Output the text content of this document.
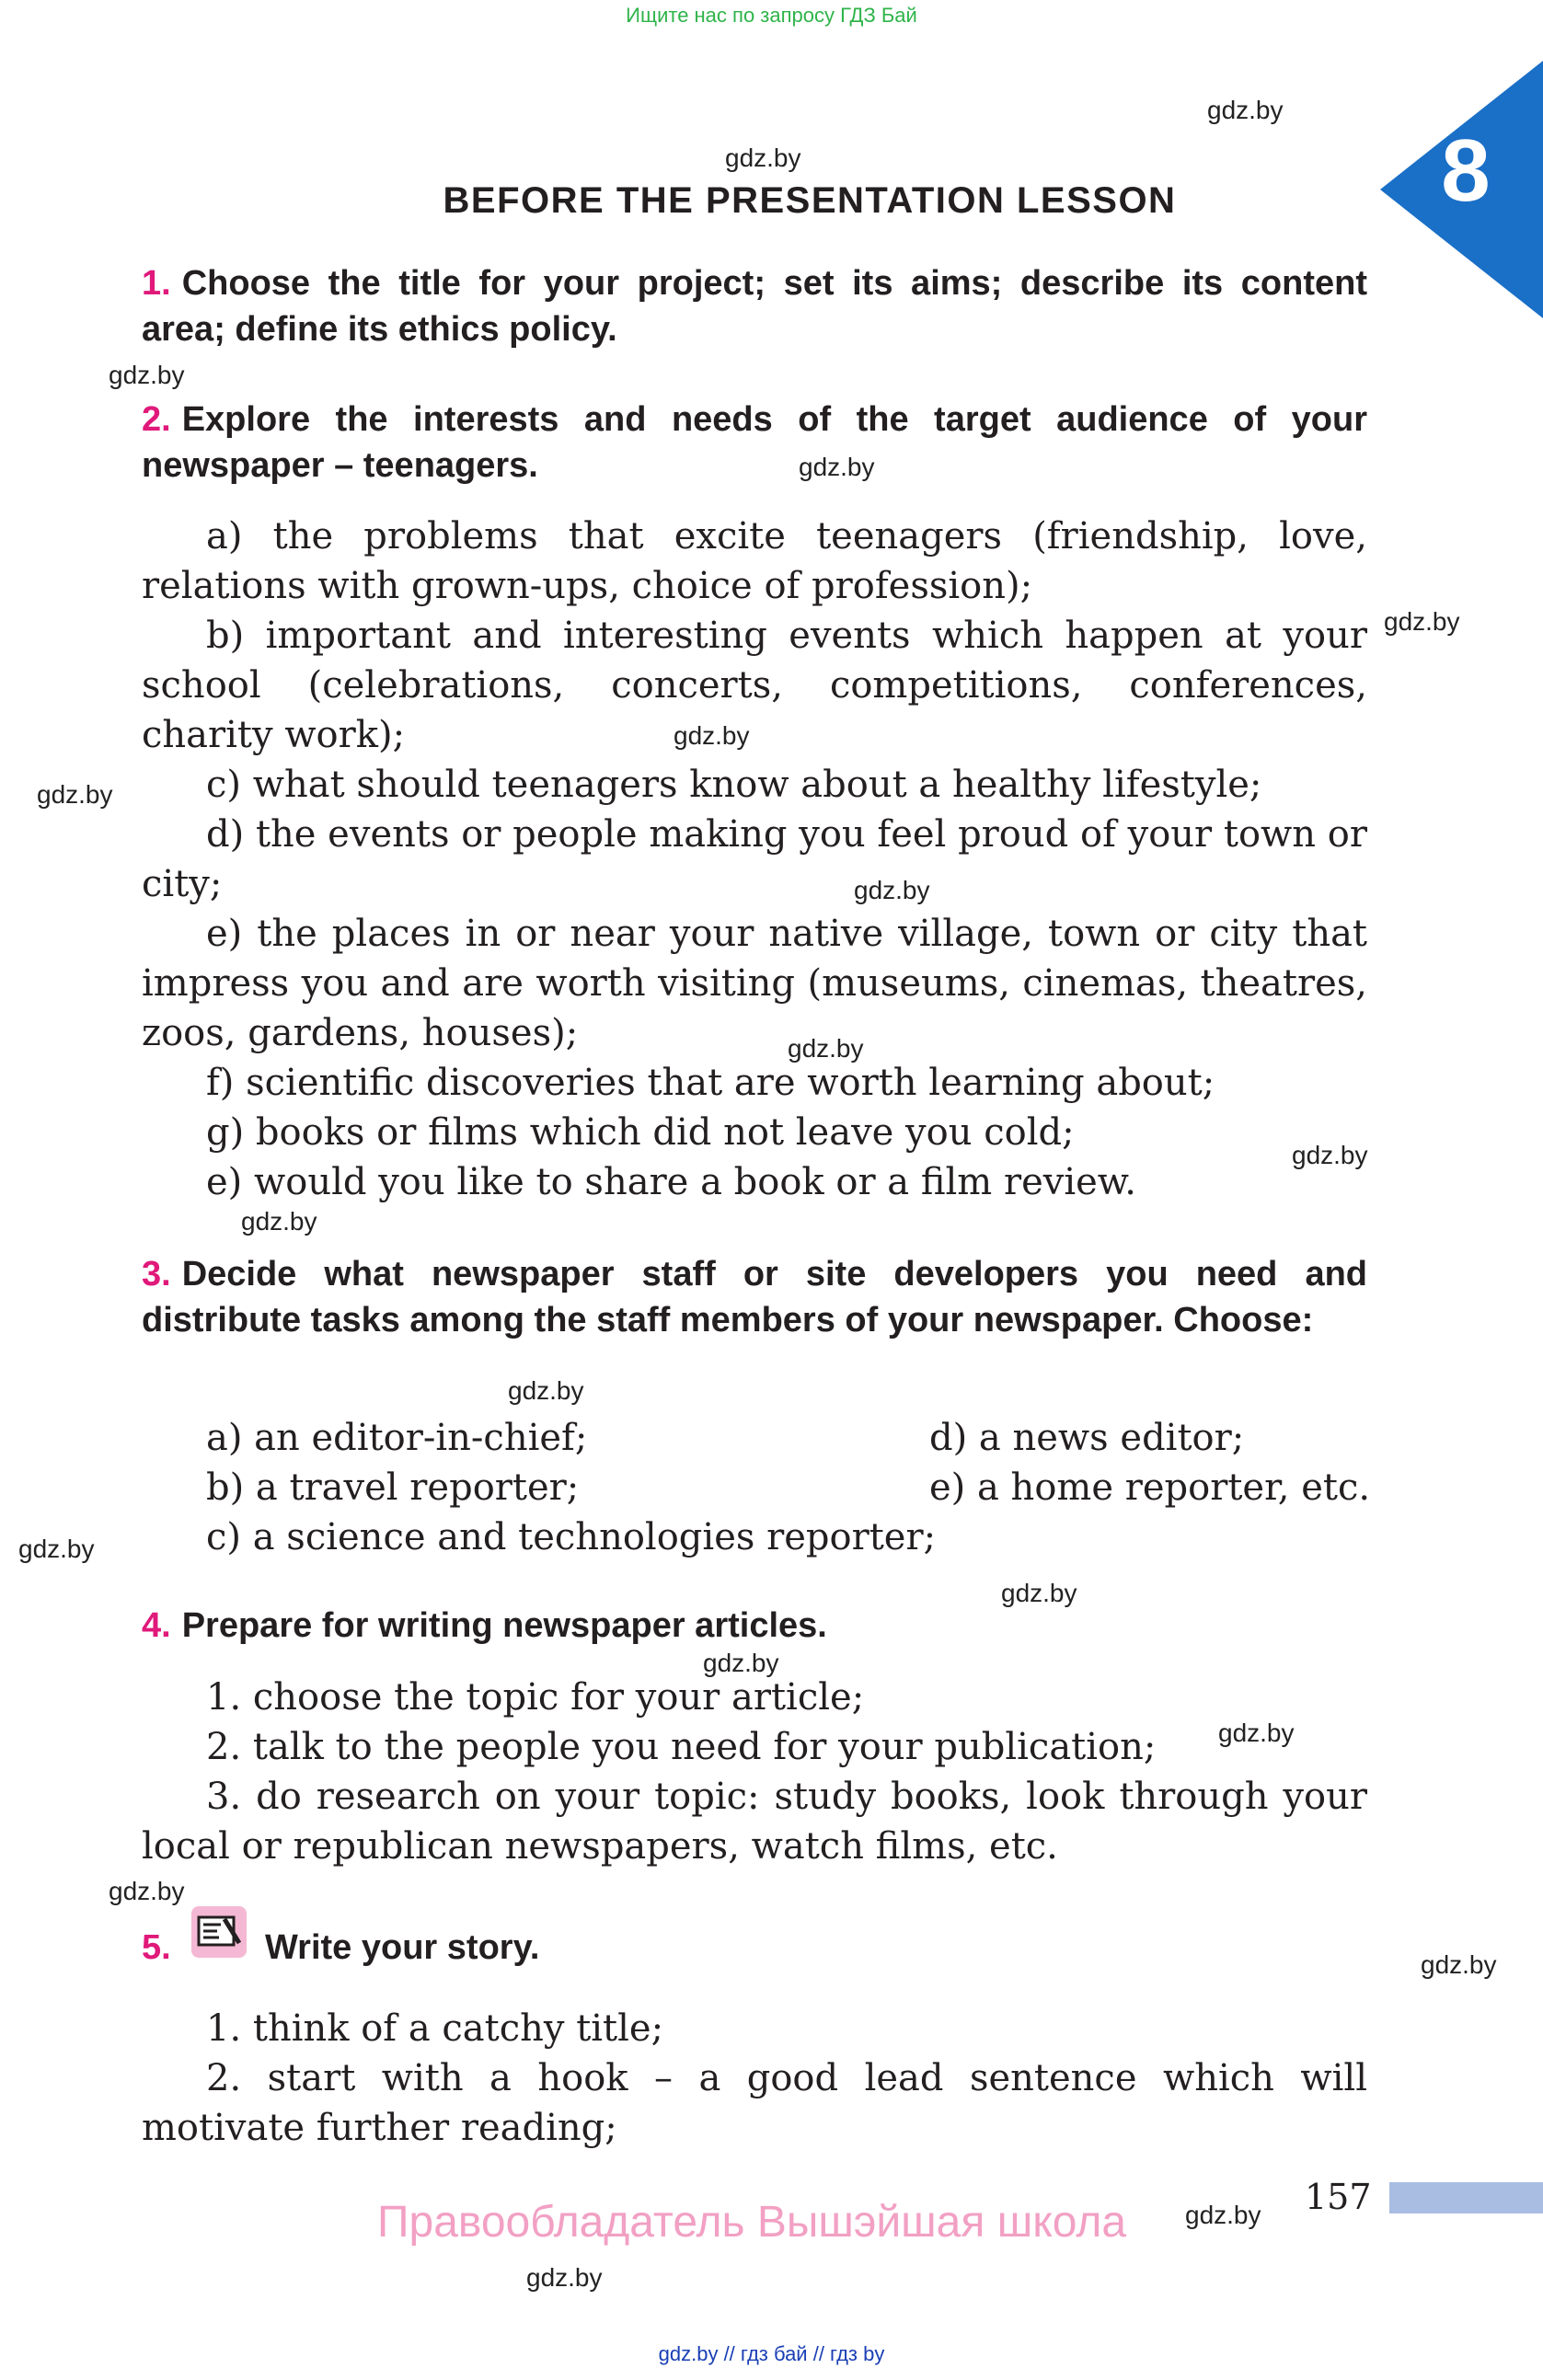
Ищите нас по запросу ГДЗ Бай
8
BEFORE THE PRESENTATION LESSON
1. Choose the title for your project; set its aims; describe its content area; define its ethics policy.
2. Explore the interests and needs of the target audience of your newspaper – teenagers.

a) the problems that excite teenagers (friendship, love, relations with grown-ups, choice of profession);

b) important and interesting events which happen at your school (celebrations, concerts, competitions, conferences, charity work);

c) what should teenagers know about a healthy lifestyle;

d) the events or people making you feel proud of your town or city;

e) the places in or near your native village, town or city that impress you and are worth visiting (museums, cinemas, theatres, zoos, gardens, houses);

f) scientific discoveries that are worth learning about;

g) books or films which did not leave you cold;

e) would you like to share a book or a film review.

3. Decide what newspaper staff or site developers you need and distribute tasks among the staff members of your newspaper. Choose:
a) an editor-in-chief;	d) a news editor;
b) a travel reporter;	e) a home reporter, etc.
c) a science and technologies reporter;
4. Prepare for writing newspaper articles.

1. choose the topic for your article;

2. talk to the people you need for your publication;

3. do research on your topic: study books, look through your local or republican newspapers, watch films, etc.

5.	Write your story.

1. think of a catchy title;

2. start with a hook – a good lead sentence which will motivate further reading;

157
Правообладатель Вышэйшая школа
gdz.by // гдз бай // гдз by
gdz.by
gdz.by
gdz.by
gdz.by
gdz.by
gdz.by
gdz.by
gdz.by
gdz.by
gdz.by
gdz.by
gdz.by
gdz.by
gdz.by
gdz.by
gdz.by
gdz.by
gdz.by
gdz.by
gdz.by
